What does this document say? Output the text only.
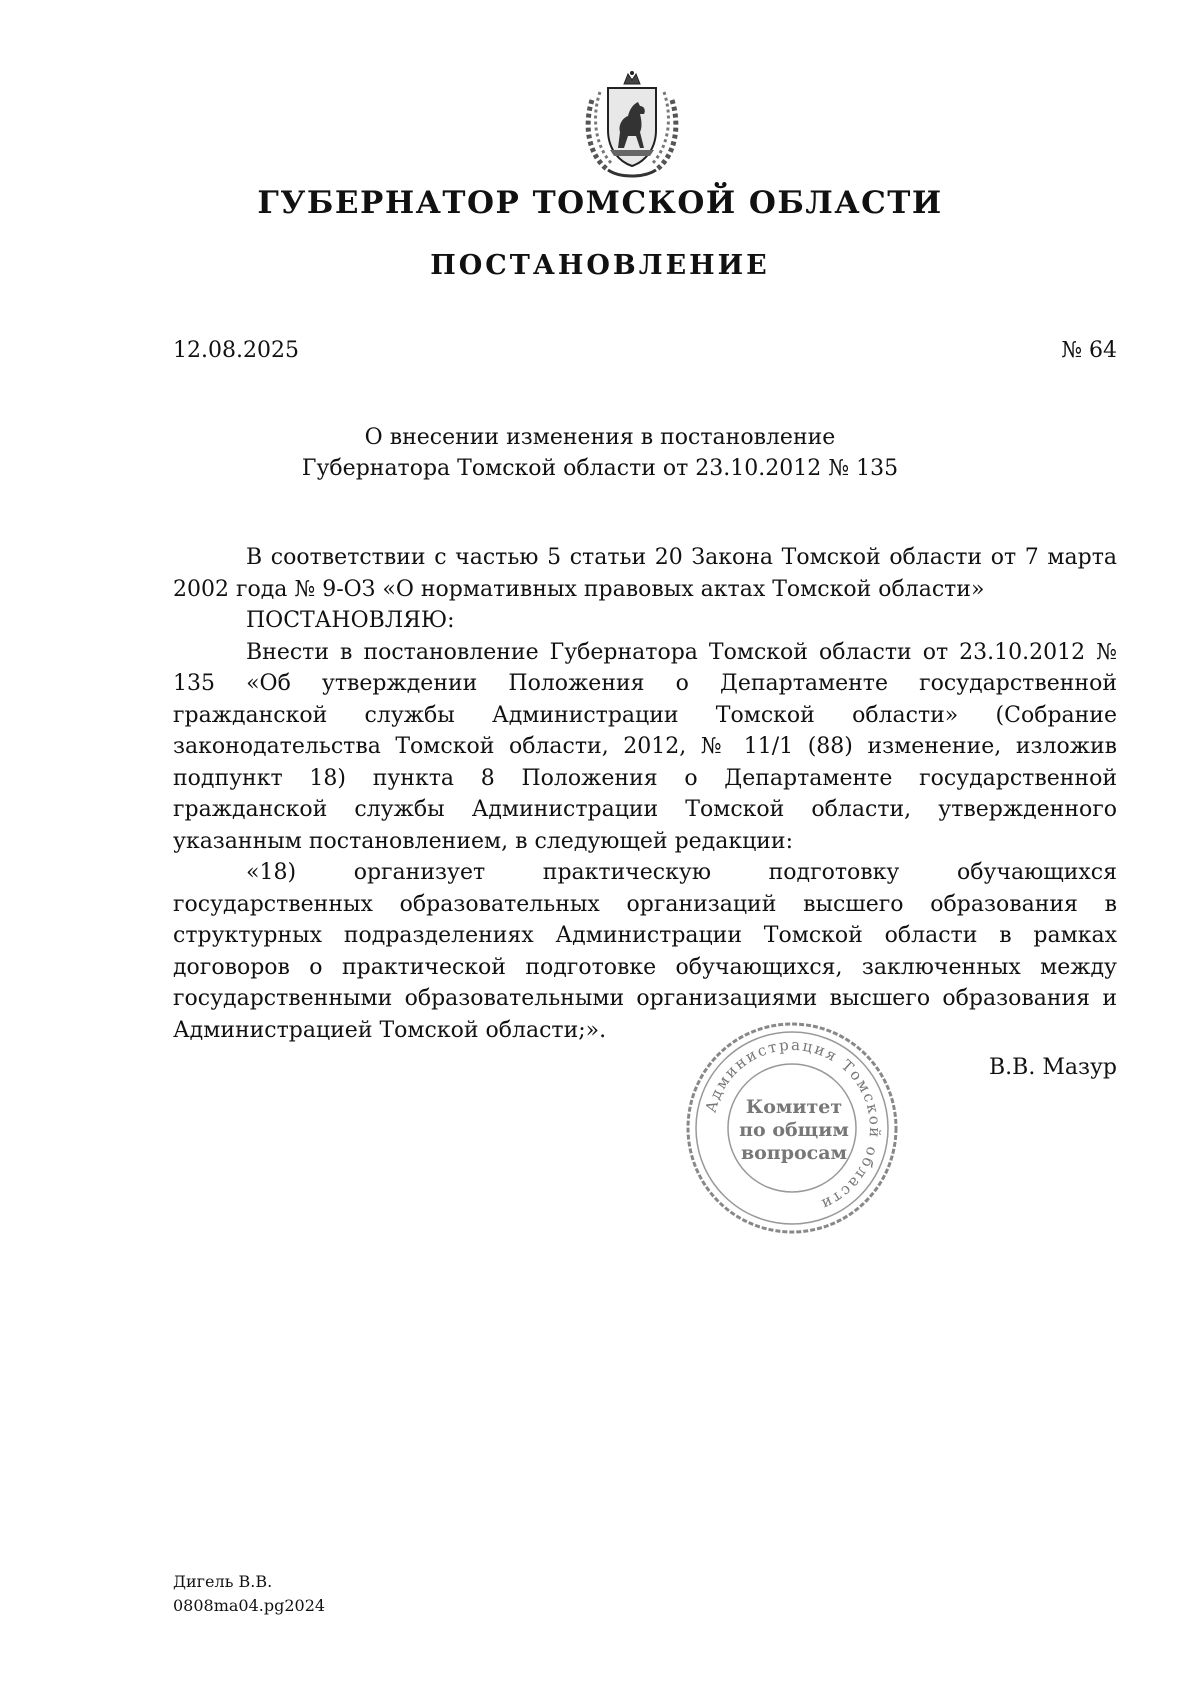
ГУБЕРНАТОР ТОМСКОЙ ОБЛАСТИ
ПОСТАНОВЛЕНИЕ
12.08.2025	№ 64
О внесении изменения в постановление
Губернатора Томской области от 23.10.2012 № 135

В соответствии с частью 5 статьи 20 Закона Томской области от 7 марта 2002 года № 9-ОЗ «О нормативных правовых актах Томской области»

ПОСТАНОВЛЯЮ:

Внести в постановление Губернатора Томской области от 23.10.2012 № 135 «Об утверждении Положения о Департаменте государственной гражданской службы Администрации Томской области» (Собрание законодательства Томской области, 2012, № 11/1 (88) изменение, изложив подпункт 18) пункта 8 Положения о Департаменте государственной гражданской службы Администрации Томской области, утвержденного указанным постановлением, в следующей редакции:

«18) организует практическую подготовку обучающихся государственных образовательных организаций высшего образования в структурных подразделениях Администрации Томской области в рамках договоров о практической подготовке обучающихся, заключенных между государственными образовательными организациями высшего образования и Администрацией Томской области;».

Администрация Томской области
Комитет
по общим
вопросам
В.В. Мазур
Дигель В.В.
0808ma04.pg2024
